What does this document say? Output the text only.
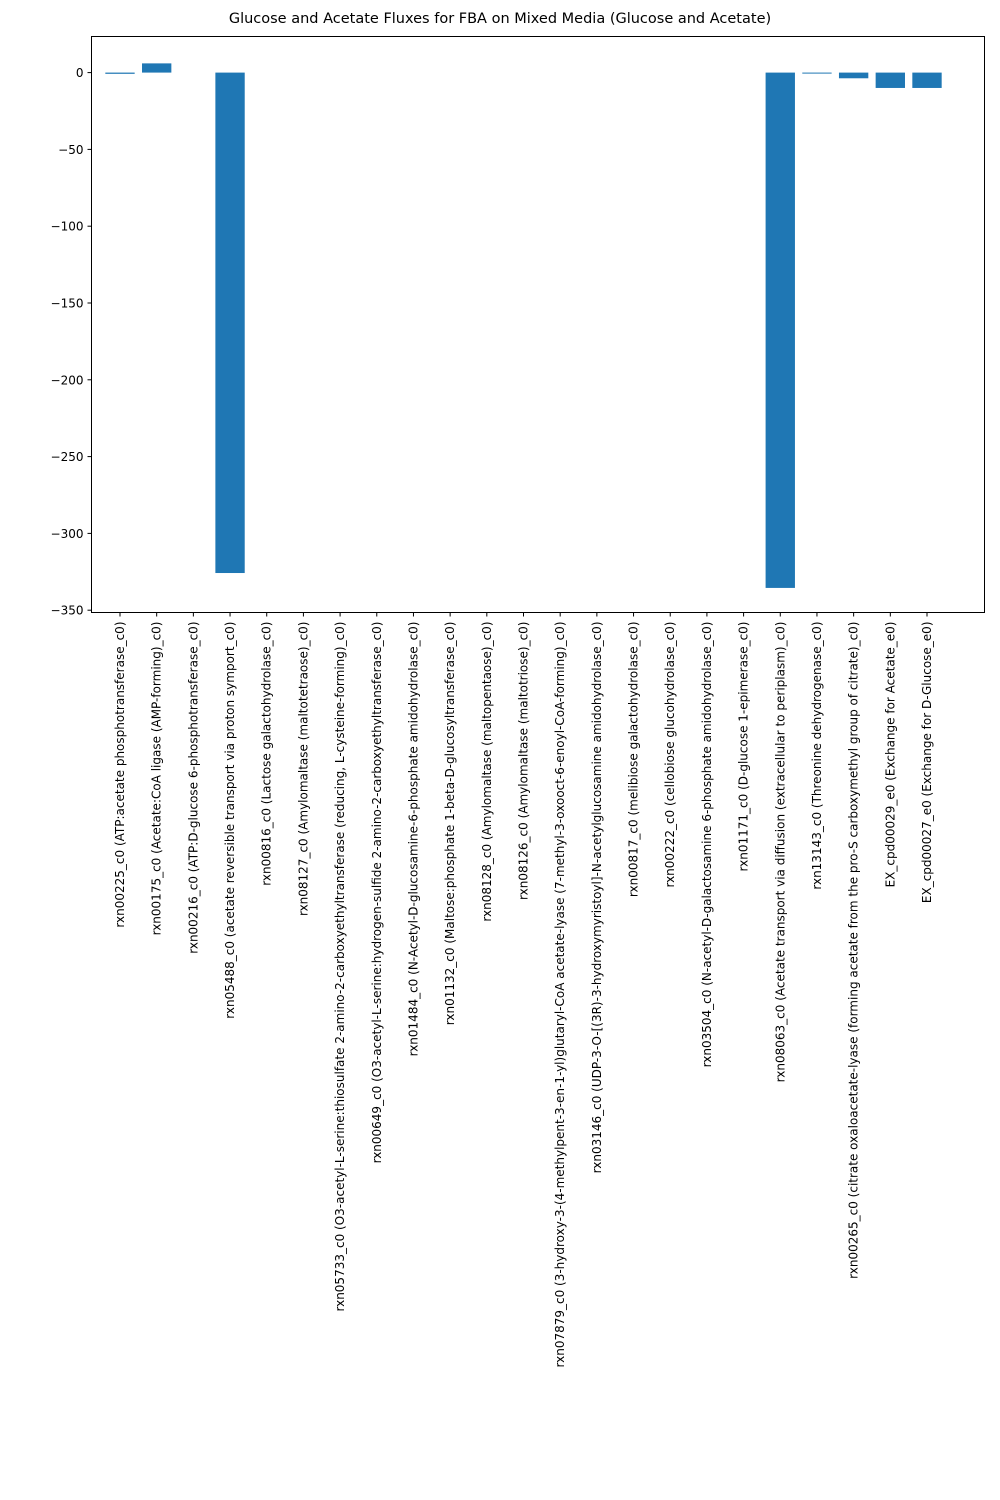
Glucose and Acetate Fluxes for FBA on Mixed Media (Glucose and Acetate)
0
−50
−100
−150
−200
−250
−300
−350
rxn00225_c0 (ATP:acetate phosphotransferase_c0) rxn00175_c0 (Acetate:CoA ligase (AMP-forming)_c0) rxn00216_c0 (ATP:D-glucose 6-phosphotransferase_c0) rxn05488_c0 (acetate reversible transport via proton symport_c0) rxn00816_c0 (Lactose galactohydrolase_c0) rxn08127_c0 (Amylomaltase (maltotetraose)_c0) rxn05733_c0 (O3-acetyl-L-serine:thiosulfate 2-amino-2-carboxyethyltransferase (reducing, L-cysteine-forming)_c0) rxn00649_c0 (O3-acetyl-L-serine:hydrogen-sulfide 2-amino-2-carboxyethyltransferase_c0) rxn01484_c0 (N-Acetyl-D-glucosamine-6-phosphate amidohydrolase_c0) rxn01132_c0 (Maltose:phosphate 1-beta-D-glucosyltransferase_c0) rxn08128_c0 (Amylomaltase (maltopentaose)_c0) rxn08126_c0 (Amylomaltase (maltotriose)_c0) rxn07879_c0 (3-hydroxy-3-(4-methylpent-3-en-1-yl)glutaryl-CoA acetate-lyase (7-methyl-3-oxooct-6-enoyl-CoA-forming)_c0) rxn03146_c0 (UDP-3-O-[(3R)-3-hydroxymyristoyl]-N-acetylglucosamine amidohydrolase_c0) rxn00817_c0 (melibiose galactohydrolase_c0) rxn00222_c0 (cellobiose glucohydrolase_c0) rxn03504_c0 (N-acetyl-D-galactosamine 6-phosphate amidohydrolase_c0) rxn01171_c0 (D-glucose 1-epimerase_c0) rxn08063_c0 (Acetate transport via diffusion (extracellular to periplasm)_c0) rxn13143_c0 (Threonine dehydrogenase_c0) rxn00265_c0 (citrate oxaloacetate-lyase (forming acetate from the pro-S carboxymethyl group of citrate)_c0) EX_cpd00029_e0 (Exchange for Acetate_e0) EX_cpd00027_e0 (Exchange for D-Glucose_e0)
